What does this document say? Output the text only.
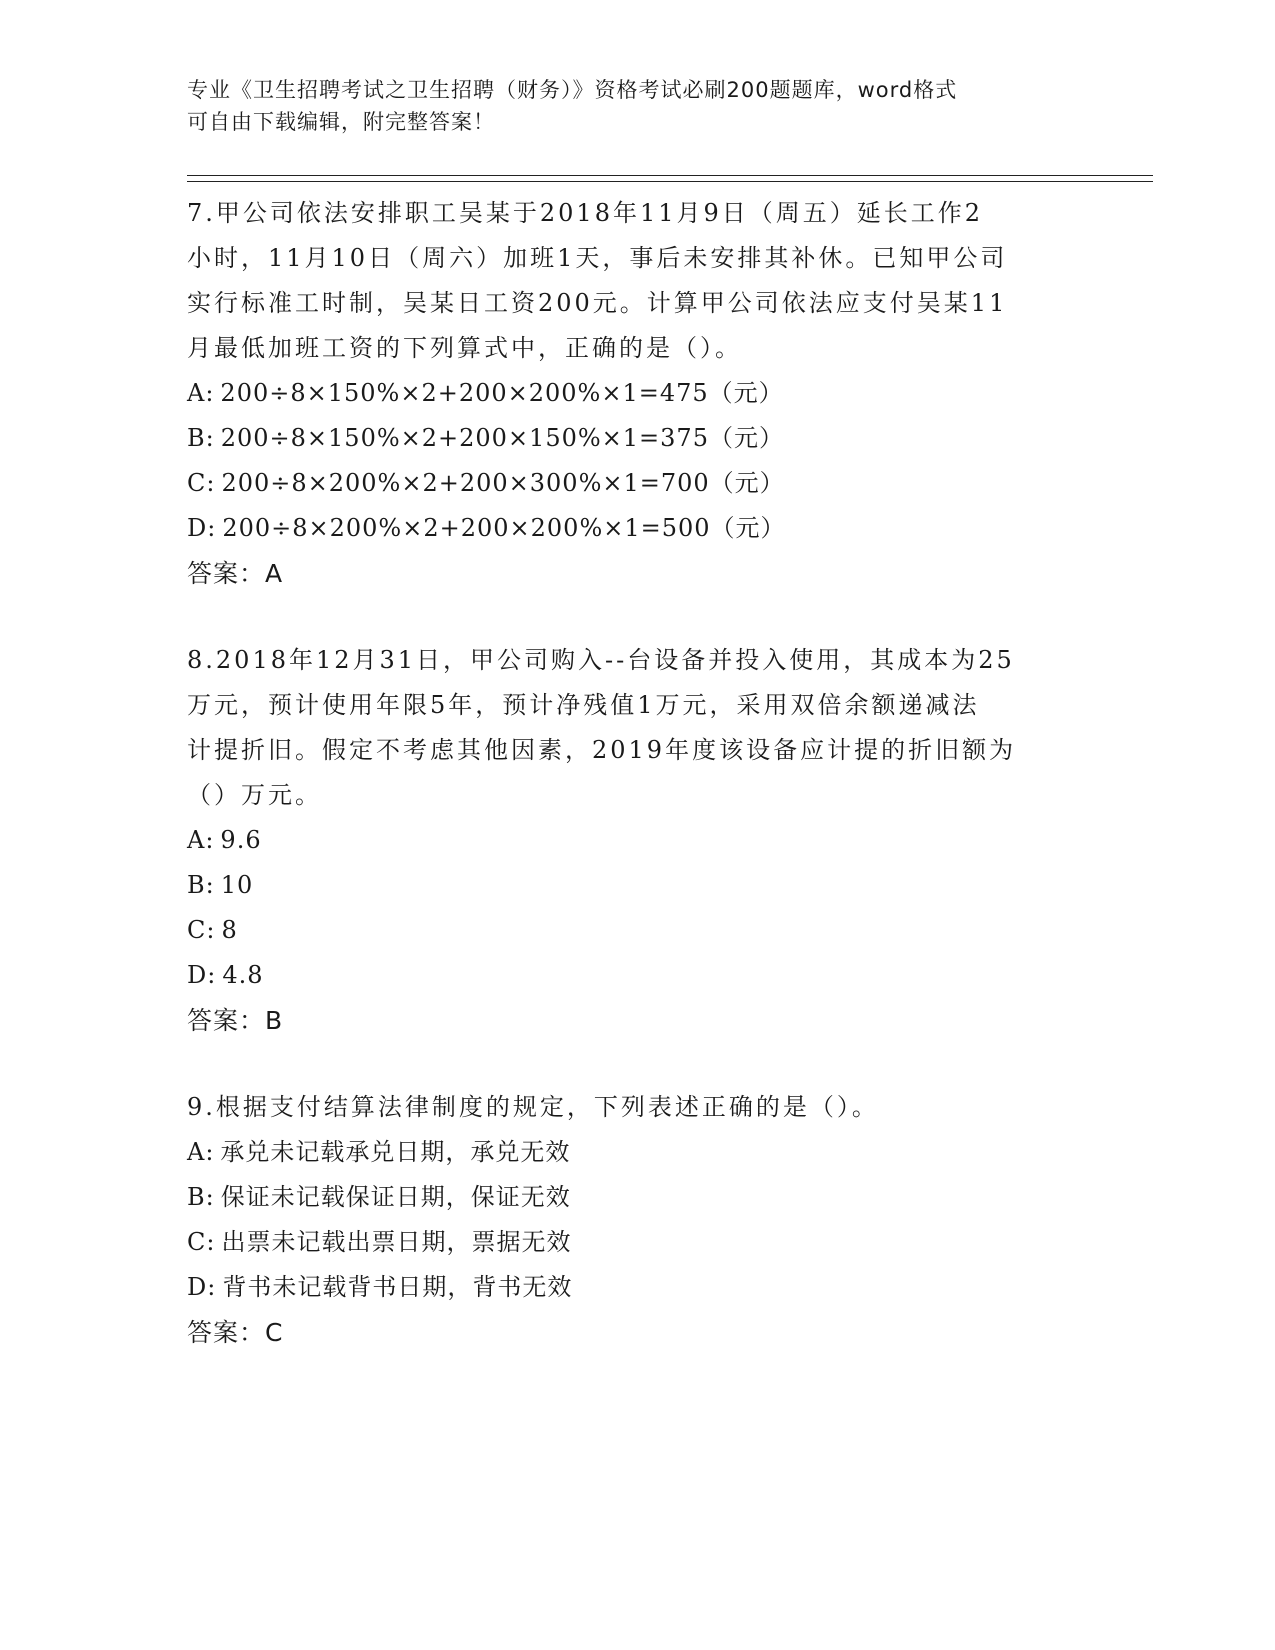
专业《卫生招聘考试之卫生招聘（财务）》资格考试必刷200题题库，word格式
可自由下载编辑，附完整答案！
7.甲公司依法安排职工吴某于2018年11月9日（周五）延长工作2
小时，11月10日（周六）加班1天，事后未安排其补休。已知甲公司
实行标准工时制，吴某日工资200元。计算甲公司依法应支付吴某11
月最低加班工资的下列算式中，正确的是（）。
A: 200÷8×150%×2+200×200%×1=475（元）
B: 200÷8×150%×2+200×150%×1=375（元）
C: 200÷8×200%×2+200×300%×1=700（元）
D: 200÷8×200%×2+200×200%×1=500（元）
答案：A
8.2018年12月31日，甲公司购入--台设备并投入使用，其成本为25
万元，预计使用年限5年，预计净残值1万元，采用双倍余额递减法
计提折旧。假定不考虑其他因素，2019年度该设备应计提的折旧额为
（）万元。
A: 9.6
B: 10
C: 8
D: 4.8
答案：B
9.根据支付结算法律制度的规定，下列表述正确的是（）。
A: 承兑未记载承兑日期，承兑无效
B: 保证未记载保证日期，保证无效
C: 出票未记载出票日期，票据无效
D: 背书未记载背书日期，背书无效
答案：C
